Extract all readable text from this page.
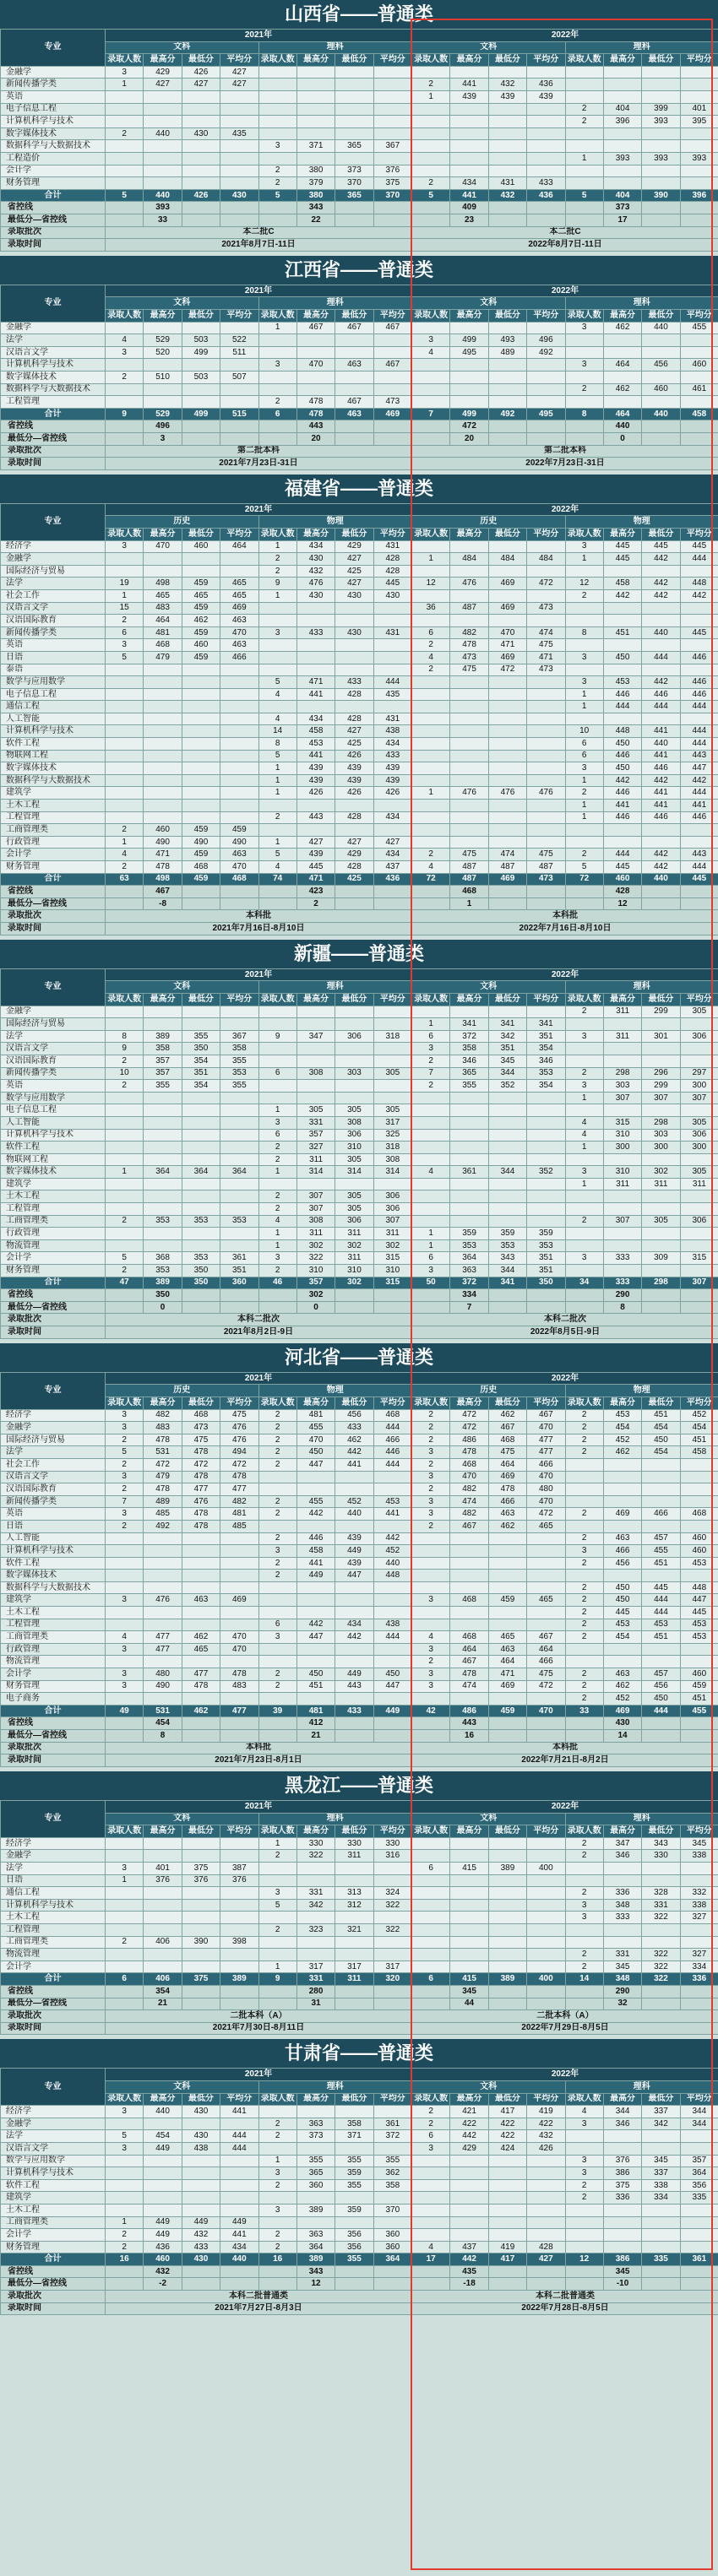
山西省——普通类
专业	2021年								2022年							
	文科				理科				文科				理科			
	录取人数	最高分	最低分	平均分	录取人数	最高分	最低分	平均分	录取人数	最高分	最低分	平均分	录取人数	最高分	最低分	平均分
金融学	3	429	426	427												
新闻传播学类	1	427	427	427					2	441	432	436				
英语									1	439	439	439				
电子信息工程													2	404	399	401
计算机科学与技术													2	396	393	395
数字媒体技术	2	440	430	435												
数据科学与大数据技术					3	371	365	367								
工程造价													1	393	393	393
会计学					2	380	373	376								
财务管理					2	379	370	375	2	434	431	433				
合计	5	440	426	430	5	380	365	370	5	441	432	436	5	404	390	396
省控线		393				343				409				373		
最低分—省控线		33				22				23				17		
录取批次	本二批C								本二批C							
录取时间	2021年8月7日-11日								2022年8月7日-11日							
江西省——普通类
专业	2021年								2022年							
	文科				理科				文科				理科			
	录取人数	最高分	最低分	平均分	录取人数	最高分	最低分	平均分	录取人数	最高分	最低分	平均分	录取人数	最高分	最低分	平均分
金融学					1	467	467	467					3	462	440	455
法学	4	529	503	522					3	499	493	496				
汉语言文学	3	520	499	511					4	495	489	492				
计算机科学与技术					3	470	463	467					3	464	456	460
数字媒体技术	2	510	503	507												
数据科学与大数据技术													2	462	460	461
工程管理					2	478	467	473								
合计	9	529	499	515	6	478	463	469	7	499	492	495	8	464	440	458
省控线		496				443				472				440		
最低分—省控线		3				20				20				0		
录取批次	第二批本科								第二批本科							
录取时间	2021年7月23日-31日								2022年7月23日-31日							
福建省——普通类
专业	2021年								2022年							
	历史				物理				历史				物理			
	录取人数	最高分	最低分	平均分	录取人数	最高分	最低分	平均分	录取人数	最高分	最低分	平均分	录取人数	最高分	最低分	平均分
经济学	3	470	460	464	1	434	429	431					3	445	445	445
金融学					2	430	427	428	1	484	484	484	1	445	442	444
国际经济与贸易					2	432	425	428								
法学	19	498	459	465	9	476	427	445	12	476	469	472	12	458	442	448
社会工作	1	465	465	465	1	430	430	430					2	442	442	442
汉语言文学	15	483	459	469					36	487	469	473				
汉语国际教育	2	464	462	463												
新闻传播学类	6	481	459	470	3	433	430	431	6	482	470	474	8	451	440	445
英语	3	468	460	463					2	478	471	475				
日语	5	479	459	466					4	473	469	471	3	450	444	446
泰语									2	475	472	473				
数学与应用数学					5	471	433	444					3	453	442	446
电子信息工程					4	441	428	435					1	446	446	446
通信工程													1	444	444	444
人工智能					4	434	428	431								
计算机科学与技术					14	458	427	438					10	448	441	444
软件工程					8	453	425	434					6	450	440	444
物联网工程					5	441	426	433					6	446	441	443
数字媒体技术					1	439	439	439					3	450	446	447
数据科学与大数据技术					1	439	439	439					1	442	442	442
建筑学					1	426	426	426	1	476	476	476	2	446	441	444
土木工程													1	441	441	441
工程管理					2	443	428	434					1	446	446	446
工商管理类	2	460	459	459												
行政管理	1	490	490	490	1	427	427	427								
会计学	4	471	459	463	5	439	429	434	2	475	474	475	2	444	442	443
财务管理	2	478	468	470	4	445	428	437	4	487	487	487	5	445	442	444
合计	63	498	459	468	74	471	425	436	72	487	469	473	72	460	440	445
省控线		467				423				468				428		
最低分—省控线		-8				2				1				12		
录取批次	本科批								本科批							
录取时间	2021年7月16日-8月10日								2022年7月16日-8月10日							
新疆——普通类
专业	2021年								2022年							
	文科				理科				文科				理科			
	录取人数	最高分	最低分	平均分	录取人数	最高分	最低分	平均分	录取人数	最高分	最低分	平均分	录取人数	最高分	最低分	平均分
金融学													2	311	299	305
国际经济与贸易									1	341	341	341				
法学	8	389	355	367	9	347	306	318	6	372	342	351	3	311	301	306
汉语言文学	9	358	350	358					3	358	351	354				
汉语国际教育	2	357	354	355					2	346	345	346				
新闻传播学类	10	357	351	353	6	308	303	305	7	365	344	353	2	298	296	297
英语	2	355	354	355					2	355	352	354	3	303	299	300
数学与应用数学													1	307	307	307
电子信息工程					1	305	305	305								
人工智能					3	331	308	317					4	315	298	305
计算机科学与技术					6	357	306	325					4	310	303	306
软件工程					2	327	310	318					1	300	300	300
物联网工程					2	311	305	308								
数字媒体技术	1	364	364	364	1	314	314	314	4	361	344	352	3	310	302	305
建筑学													1	311	311	311
土木工程					2	307	305	306								
工程管理					2	307	305	306								
工商管理类	2	353	353	353	4	308	306	307					2	307	305	306
行政管理					1	311	311	311	1	359	359	359				
物流管理					1	302	302	302	1	353	353	353				
会计学	5	368	353	361	3	322	311	315	6	364	343	351	3	333	309	315
财务管理	2	353	350	351	2	310	310	310	3	363	344	351				
合计	47	389	350	360	46	357	302	315	50	372	341	350	34	333	298	307
省控线		350				302				334				290		
最低分—省控线		0				0				7				8		
录取批次	本科二批次								本科二批次							
录取时间	2021年8月2日-9日								2022年8月5日-9日							
河北省——普通类
专业	2021年								2022年							
	历史				物理				历史				物理			
	录取人数	最高分	最低分	平均分	录取人数	最高分	最低分	平均分	录取人数	最高分	最低分	平均分	录取人数	最高分	最低分	平均分
经济学	3	482	468	475	2	481	456	468	2	472	462	467	2	453	451	452
金融学	3	483	473	476	2	455	433	444	2	472	467	470	2	454	454	454
国际经济与贸易	2	478	475	476	2	470	462	466	2	486	468	477	2	452	450	451
法学	5	531	478	494	2	450	442	446	3	478	475	477	2	462	454	458
社会工作	2	472	472	472	2	447	441	444	2	468	464	466				
汉语言文学	3	479	478	478					3	470	469	470				
汉语国际教育	2	478	477	477					2	482	478	480				
新闻传播学类	7	489	476	482	2	455	452	453	3	474	466	470				
英语	3	485	478	481	2	442	440	441	3	482	463	472	2	469	466	468
日语	2	492	478	485					2	467	462	465				
人工智能					2	446	439	442					2	463	457	460
计算机科学与技术					3	458	449	452					3	466	455	460
软件工程					2	441	439	440					2	456	451	453
数字媒体技术					2	449	447	448								
数据科学与大数据技术													2	450	445	448
建筑学	3	476	463	469					3	468	459	465	2	450	444	447
土木工程													2	445	444	445
工程管理					6	442	434	438					2	453	453	453
工商管理类	4	477	462	470	3	447	442	444	4	468	465	467	2	454	451	453
行政管理	3	477	465	470					3	464	463	464				
物流管理									2	467	464	466				
会计学	3	480	477	478	2	450	449	450	3	478	471	475	2	463	457	460
财务管理	3	490	478	483	2	451	443	447	3	474	469	472	2	462	456	459
电子商务													2	452	450	451
合计	49	531	462	477	39	481	433	449	42	486	459	470	33	469	444	455
省控线		454				412				443				430		
最低分—省控线		8				21				16				14		
录取批次	本科批								本科批							
录取时间	2021年7月23日-8月1日								2022年7月21日-8月2日							
黑龙江——普通类
专业	2021年								2022年							
	文科				理科				文科				理科			
	录取人数	最高分	最低分	平均分	录取人数	最高分	最低分	平均分	录取人数	最高分	最低分	平均分	录取人数	最高分	最低分	平均分
经济学					1	330	330	330					2	347	343	345
金融学					2	322	311	316					2	346	330	338
法学	3	401	375	387					6	415	389	400				
日语	1	376	376	376												
通信工程					3	331	313	324					2	336	328	332
计算机科学与技术					5	342	312	322					3	348	331	338
土木工程													3	333	322	327
工程管理					2	323	321	322								
工商管理类	2	406	390	398												
物流管理													2	331	322	327
会计学					1	317	317	317					2	345	322	334
合计	6	406	375	389	9	331	311	320	6	415	389	400	14	348	322	336
省控线		354				280				345				290		
最低分—省控线		21				31				44				32		
录取批次	二批本科（A）								二批本科（A）							
录取时间	2021年7月30日-8月11日								2022年7月29日-8月5日							
甘肃省——普通类
专业	2021年								2022年							
	文科				理科				文科				理科			
	录取人数	最高分	最低分	平均分	录取人数	最高分	最低分	平均分	录取人数	最高分	最低分	平均分	录取人数	最高分	最低分	平均分
经济学	3	440	430	441					2	421	417	419	4	344	337	344
金融学					2	363	358	361	2	422	422	422	3	346	342	344
法学	5	454	430	444	2	373	371	372	6	442	422	432				
汉语言文学	3	449	438	444					3	429	424	426				
数学与应用数学					1	355	355	355					3	376	345	357
计算机科学与技术					3	365	359	362					3	386	337	364
软件工程					2	360	355	358					2	375	338	356
建筑学													2	336	334	335
土木工程					3	389	359	370								
工商管理类	1	449	449	449												
会计学	2	449	432	441	2	363	356	360								
财务管理	2	436	433	434	2	364	356	360	4	437	419	428				
合计	16	460	430	440	16	389	355	364	17	442	417	427	12	386	335	361
省控线		432				343				435				345		
最低分—省控线		-2				12				-18				-10		
录取批次	本科二批普通类								本科二批普通类							
录取时间	2021年7月27日-8月3日								2022年7月28日-8月5日							
